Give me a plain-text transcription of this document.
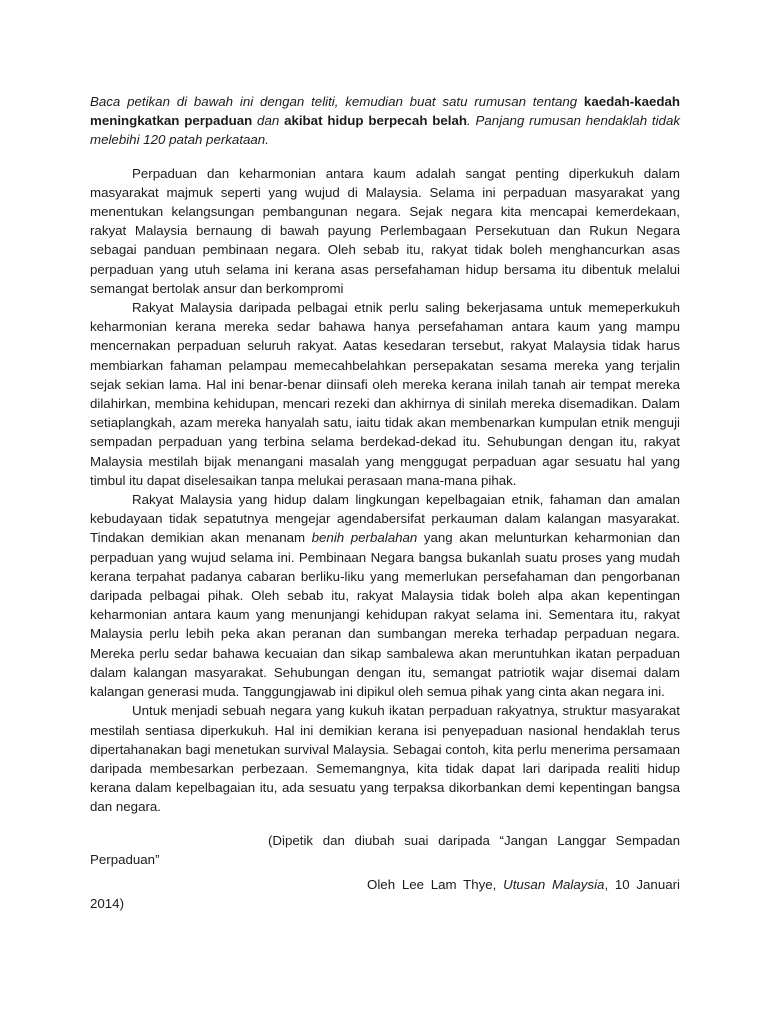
Baca petikan di bawah ini dengan teliti, kemudian buat satu rumusan tentang kaedah-kaedah meningkatkan perpaduan dan akibat hidup berpecah belah. Panjang rumusan hendaklah tidak melebihi 120 patah perkataan.

Perpaduan dan keharmonian antara kaum adalah sangat penting diperkukuh dalam masyarakat majmuk seperti yang wujud di Malaysia. Selama ini perpaduan masyarakat yang menentukan kelangsungan pembangunan negara. Sejak negara kita mencapai kemerdekaan, rakyat Malaysia bernaung di bawah payung Perlembagaan Persekutuan dan Rukun Negara sebagai panduan pembinaan negara. Oleh sebab itu, rakyat tidak boleh menghancurkan asas perpaduan yang utuh selama ini kerana asas persefahaman hidup bersama itu dibentuk melalui semangat bertolak ansur dan berkompromi

Rakyat Malaysia daripada pelbagai etnik perlu saling bekerjasama untuk memeperkukuh keharmonian kerana mereka sedar bahawa hanya persefahaman antara kaum yang mampu mencernakan perpaduan seluruh rakyat. Aatas kesedaran tersebut, rakyat Malaysia tidak harus membiarkan fahaman pelampau memecahbelahkan persepakatan sesama mereka yang terjalin sejak sekian lama. Hal ini benar-benar diinsafi oleh mereka kerana inilah tanah air tempat mereka dilahirkan, membina kehidupan, mencari rezeki dan akhirnya di sinilah mereka disemadikan. Dalam setiaplangkah, azam mereka hanyalah satu, iaitu tidak akan membenarkan kumpulan etnik menguji sempadan perpaduan yang terbina selama berdekad-dekad itu. Sehubungan dengan itu, rakyat Malaysia mestilah bijak menangani masalah yang menggugat perpaduan agar sesuatu hal yang timbul itu dapat diselesaikan tanpa melukai perasaan mana-mana pihak.

Rakyat Malaysia yang hidup dalam lingkungan kepelbagaian etnik, fahaman dan amalan kebudayaan tidak sepatutnya mengejar agendabersifat perkauman dalam kalangan masyarakat. Tindakan demikian akan menanam benih perbalahan yang akan melunturkan keharmonian dan perpaduan yang wujud selama ini. Pembinaan Negara bangsa bukanlah suatu proses yang mudah kerana terpahat padanya cabaran berliku-liku yang memerlukan persefahaman dan pengorbanan daripada pelbagai pihak. Oleh sebab itu, rakyat Malaysia tidak boleh alpa akan kepentingan keharmonian antara kaum yang menunjangi kehidupan rakyat selama ini. Sementara itu, rakyat Malaysia perlu lebih peka akan peranan dan sumbangan mereka terhadap perpaduan negara. Mereka perlu sedar bahawa kecuaian dan sikap sambalewa akan meruntuhkan ikatan perpaduan dalam kalangan masyarakat. Sehubungan dengan itu, semangat patriotik wajar disemai dalam kalangan generasi muda. Tanggungjawab ini dipikul oleh semua pihak yang cinta akan negara ini.

Untuk menjadi sebuah negara yang kukuh ikatan perpaduan rakyatnya, struktur masyarakat mestilah sentiasa diperkukuh. Hal ini demikian kerana isi penyepaduan nasional hendaklah terus dipertahanakan bagi menetukan survival Malaysia. Sebagai contoh, kita perlu menerima persamaan daripada membesarkan perbezaan. Sememangnya, kita tidak dapat lari daripada realiti hidup kerana dalam kepelbagaian itu, ada sesuatu yang terpaksa dikorbankan demi kepentingan bangsa dan negara.

(Dipetik dan diubah suai daripada “Jangan Langgar Sempadan
Perpaduan”
Oleh Lee Lam Thye, Utusan Malaysia, 10 Januari
2014)
